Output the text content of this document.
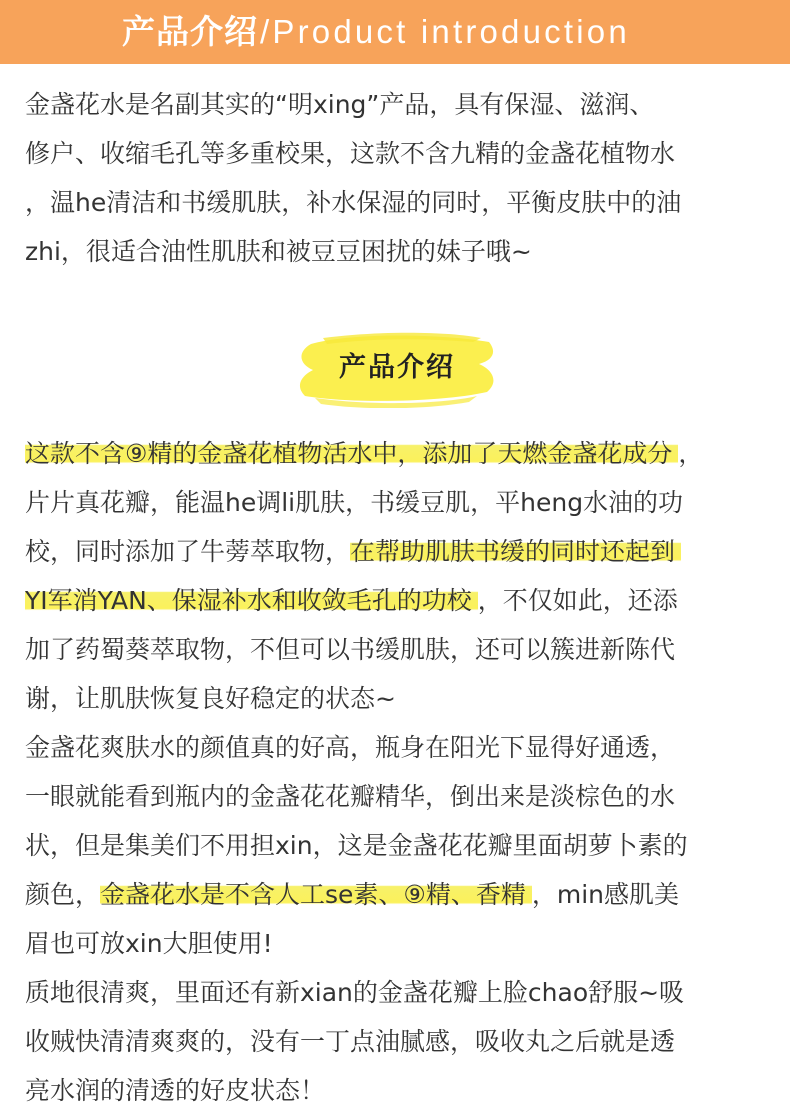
产品介绍/Product introduction
金盏花水是名副其实的“明xing”产品，具有保湿、滋润、
修户、收缩毛孔等多重校果，这款不含九精的金盏花植物水
，温he清洁和书缓肌肤，补水保湿的同时，平衡皮肤中的油
zhi，很适合油性肌肤和被豆豆困扰的妹子哦~
产品介绍
这款不含⑨精的金盏花植物活水中，添加了天燃金盏花成分 ，
片片真花瓣，能温he调li肌肤，书缓豆肌，平heng水油的功
校，同时添加了牛蒡萃取物，在帮助肌肤书缓的同时还起到
YI军消YAN、保湿补水和收敛毛孔的功校 ，不仅如此，还添
加了药蜀葵萃取物，不但可以书缓肌肤，还可以簇进新陈代
谢，让肌肤恢复良好稳定的状态~
金盏花爽肤水的颜值真的好高，瓶身在阳光下显得好通透，
一眼就能看到瓶内的金盏花花瓣精华，倒出来是淡棕色的水
状，但是集美们不用担xin，这是金盏花花瓣里面胡萝卜素的
颜色，金盏花水是不含人工se素、⑨精、香精 ，min感肌美
眉也可放xin大胆使用!
质地很清爽，里面还有新xian的金盏花瓣上脸chao舒服~吸
收贼快清清爽爽的，没有一丁点油腻感，吸收丸之后就是透
亮水润的清透的好皮状态！
